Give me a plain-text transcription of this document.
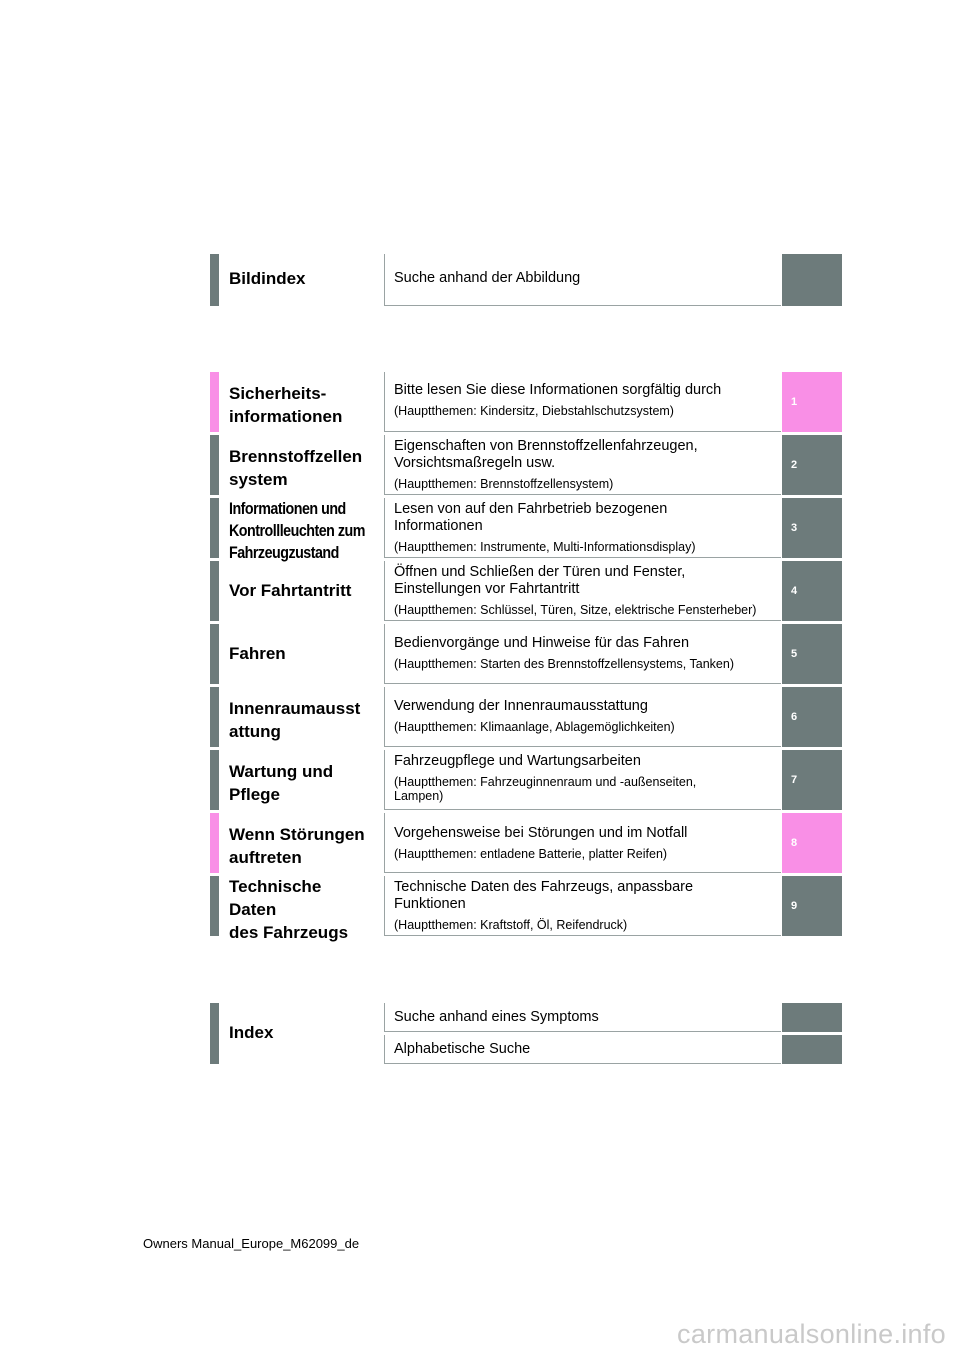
Bildindex	Suche anhand der Abbildung
Sicherheits-
informationen
Bitte lesen Sie diese Informationen sorgfältig durch
(Hauptthemen: Kindersitz, Diebstahlschutzsystem)
1
Brennstoffzellen
system
Eigenschaften von Brennstoffzellenfahrzeugen, Vorsichtsmaßregeln usw.
(Hauptthemen: Brennstoffzellensystem)
2
Informationen und
Kontrollleuchten zum
Fahrzeugzustand
Lesen von auf den Fahrbetrieb bezogenen Informationen
(Hauptthemen: Instrumente, Multi-Informationsdisplay)
3
Vor Fahrtantritt
Öffnen und Schließen der Türen und Fenster, Einstellungen vor Fahrtantritt
(Hauptthemen: Schlüssel, Türen, Sitze, elektrische Fensterheber)
4
Fahren
Bedienvorgänge und Hinweise für das Fahren
(Hauptthemen: Starten des Brennstoffzellensystems, Tanken)
5
Innenraumausst
attung
Verwendung der Innenraumausstattung
(Hauptthemen: Klimaanlage, Ablagemöglichkeiten)
6
Wartung und
Pflege
Fahrzeugpflege und Wartungsarbeiten
(Hauptthemen: Fahrzeuginnenraum und -außenseiten, Lampen)
7
Wenn Störungen
auftreten
Vorgehensweise bei Störungen und im Notfall
(Hauptthemen: entladene Batterie, platter Reifen)
8
Technische
Daten
des Fahrzeugs
Technische Daten des Fahrzeugs, anpassbare Funktionen
(Hauptthemen: Kraftstoff, Öl, Reifendruck)
9
Index
Suche anhand eines Symptoms
Alphabetische Suche
Owners Manual_Europe_M62099_de
carmanualsonline.info
